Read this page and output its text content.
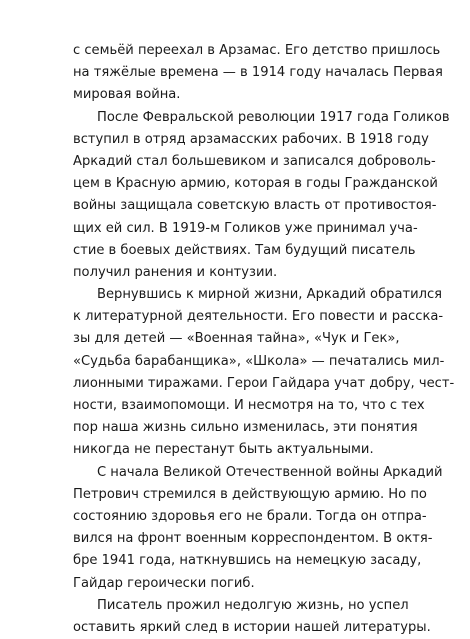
с семьёй переехал в Арзамас. Его детство пришлось
на тяжёлые времена — в 1914 году началась Первая
мировая война.
После Февральской революции 1917 года Голиков
вступил в отряд арзамасских рабочих. В 1918 году
Аркадий стал большевиком и записался доброволь-
цем в Красную армию, которая в годы Гражданской
войны защищала советскую власть от противостоя-
щих ей сил. В 1919-м Голиков уже принимал уча-
стие в боевых действиях. Там будущий писатель
получил ранения и контузии.
Вернувшись к мирной жизни, Аркадий обратился
к литературной деятельности. Его повести и расска-
зы для детей — «Военная тайна», «Чук и Гек»,
«Судьба барабанщика», «Школа» — печатались мил-
лионными тиражами. Герои Гайдара учат добру, чест-
ности, взаимопомощи. И несмотря на то, что с тех
пор наша жизнь сильно изменилась, эти понятия
никогда не перестанут быть актуальными.
С начала Великой Отечественной войны Аркадий
Петрович стремился в действующую армию. Но по
состоянию здоровья его не брали. Тогда он отпра-
вился на фронт военным корреспондентом. В октя-
бре 1941 года, наткнувшись на немецкую засаду,
Гайдар героически погиб.
Писатель прожил недолгую жизнь, но успел
оставить яркий след в истории нашей литературы.
